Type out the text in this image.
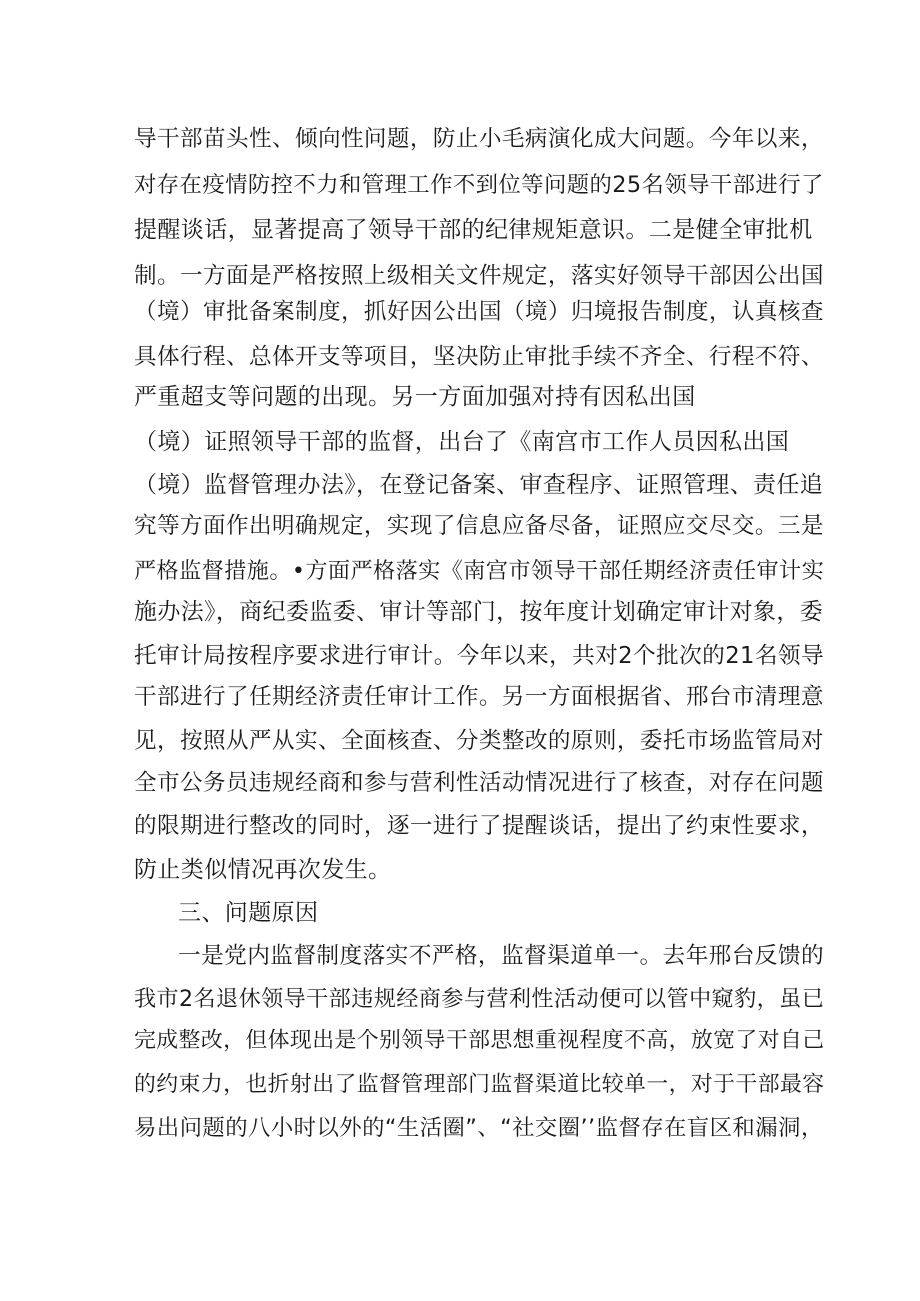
导干部苗头性、倾向性问题，防止小毛病演化成大问题。今年以来，
对存在疫情防控不力和管理工作不到位等问题的25名领导干部进行了
提醒谈话，显著提高了领导干部的纪律规矩意识。二是健全审批机
制。一方面是严格按照上级相关文件规定，落实好领导干部因公出国
（境）审批备案制度，抓好因公出国（境）归境报告制度，认真核查
具体行程、总体开支等项目，坚决防止审批手续不齐全、行程不符、
严重超支等问题的出现。另一方面加强对持有因私出国
（境）证照领导干部的监督，出台了《南宫市工作人员因私出国
（境）监督管理办法》，在登记备案、审查程序、证照管理、责任追
究等方面作出明确规定，实现了信息应备尽备，证照应交尽交。三是
严格监督措施。•方面严格落实《南宫市领导干部任期经济责任审计实
施办法》，商纪委监委、审计等部门，按年度计划确定审计对象，委
托审计局按程序要求进行审计。今年以来，共对2个批次的21名领导
干部进行了任期经济责任审计工作。另一方面根据省、邢台市清理意
见，按照从严从实、全面核查、分类整改的原则，委托市场监管局对
全市公务员违规经商和参与营利性活动情况进行了核查，对存在问题
的限期进行整改的同时，逐一进行了提醒谈话，提出了约束性要求，
防止类似情况再次发生。
三、问题原因
一是党内监督制度落实不严格，监督渠道单一。去年邢台反馈的
我市2名退休领导干部违规经商参与营利性活动便可以管中窥豹，虽已
完成整改，但体现出是个别领导干部思想重视程度不高，放宽了对自己
的约束力，也折射出了监督管理部门监督渠道比较单一，对于干部最容
易出问题的八小时以外的“生活圈”、“社交圈’’监督存在盲区和漏洞，
